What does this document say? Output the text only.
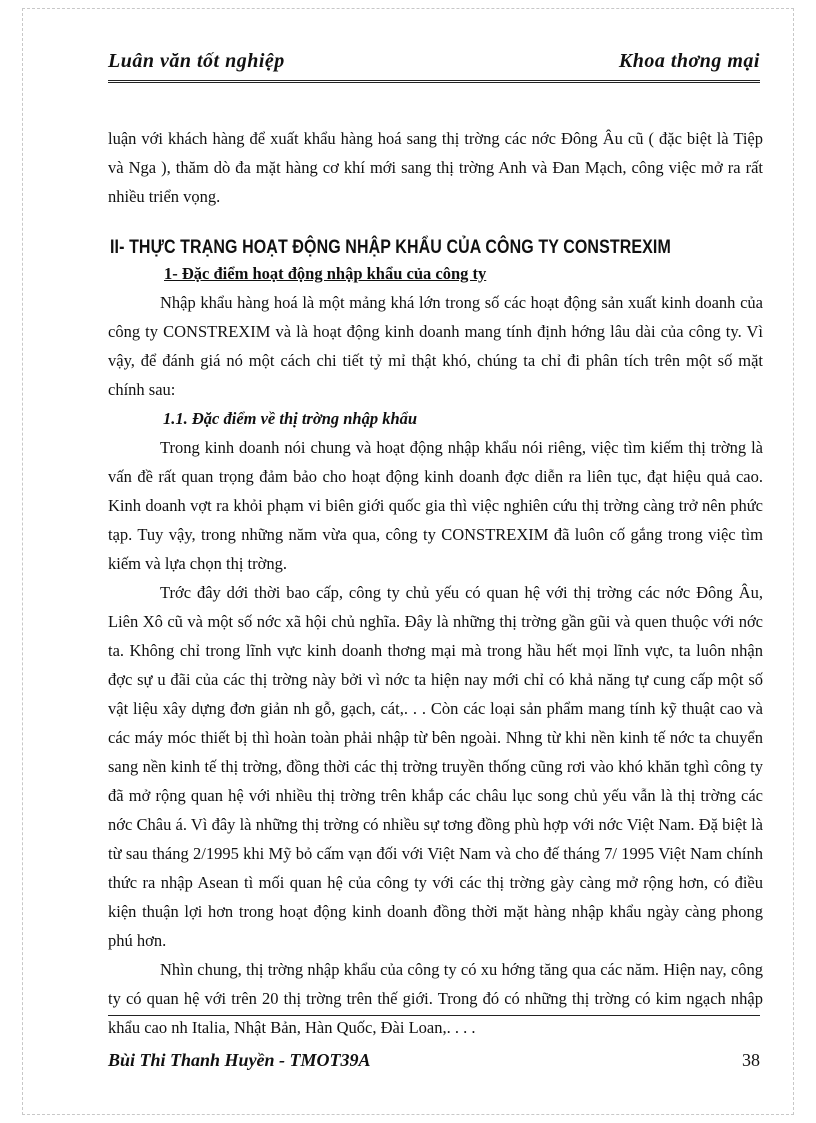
Luân văn tốt nghiệp	Khoa thơng mại

luận với khách hàng để xuất khẩu hàng hoá sang thị trờng các nớc Đông Âu cũ ( đặc biệt là Tiệp và Nga ), thăm dò đa mặt hàng cơ khí mới sang thị trờng Anh và Đan Mạch, công việc mở ra rất nhiều triển vọng.

II- THỰC TRẠNG HOẠT ĐỘNG NHẬP KHẨU CỦA CÔNG TY CONSTREXIM

1- Đặc điểm hoạt động nhập khẩu của công ty

Nhập khẩu hàng hoá là một mảng khá lớn trong số các hoạt động sản xuất kinh doanh của công ty CONSTREXIM và là hoạt động kinh doanh mang tính định hớng lâu dài của công ty. Vì vậy, để đánh giá nó một cách chi tiết tỷ mỉ thật khó, chúng ta chỉ đi phân tích trên một số mặt chính sau:

1.1. Đặc điểm về thị trờng nhập khẩu

Trong kinh doanh nói chung và hoạt động nhập khẩu nói riêng, việc tìm kiếm thị trờng là vấn đề rất quan trọng đảm bảo cho hoạt động kinh doanh đợc diễn ra liên tục, đạt hiệu quả cao. Kinh doanh vợt ra khỏi phạm vi biên giới quốc gia thì việc nghiên cứu thị trờng càng trở nên phức tạp. Tuy vậy, trong những năm vừa qua, công ty CONSTREXIM đã luôn cố gắng trong việc tìm kiếm và lựa chọn thị trờng.

Trớc đây dới thời bao cấp, công ty chủ yếu có quan hệ với thị trờng các nớc Đông Âu, Liên Xô cũ và một số nớc xã hội chủ nghĩa. Đây là những thị trờng gần gũi và quen thuộc với nớc ta. Không chỉ trong lĩnh vực kinh doanh thơng mại mà trong hầu hết mọi lĩnh vực, ta luôn nhận đợc sự u đãi của các thị trờng này bởi vì nớc ta hiện nay mới chỉ có khả năng tự cung cấp một số vật liệu xây dựng đơn giản nh gỗ, gạch, cát,. . . Còn các loại sản phẩm mang tính kỹ thuật cao và các máy móc thiết bị thì hoàn toàn phải nhập từ bên ngoài. Nhng từ khi nền kinh tế nớc ta chuyển sang nền kinh tế thị trờng, đồng thời các thị trờng truyền thống cũng rơi vào khó khăn tghì công ty đã mở rộng quan hệ với nhiều thị trờng trên khắp các châu lục song chủ yếu vẫn là thị trờng các nớc Châu á. Vì đây là những thị trờng có nhiều sự tơng đồng phù hợp với nớc Việt Nam. Đặ biệt là từ sau tháng 2/1995 khi Mỹ bỏ cấm vạn đối với Việt Nam và cho đế tháng 7/ 1995 Việt Nam chính thức ra nhập Asean tì mối quan hệ của công ty với các thị trờng gày càng mở rộng hơn, có điều kiện thuận lợi hơn trong hoạt động kinh doanh đồng thời mặt hàng nhập khẩu ngày càng phong phú hơn.

Nhìn chung, thị trờng nhập khẩu của công ty có xu hớng tăng qua các năm. Hiện nay, công ty có quan hệ với trên 20 thị trờng trên thế giới. Trong đó có những thị trờng có kim ngạch nhập khẩu cao nh Italia, Nhật Bản, Hàn Quốc, Đài Loan,. . . .

Bùi Thi Thanh Huyền - TMOT39A	38
